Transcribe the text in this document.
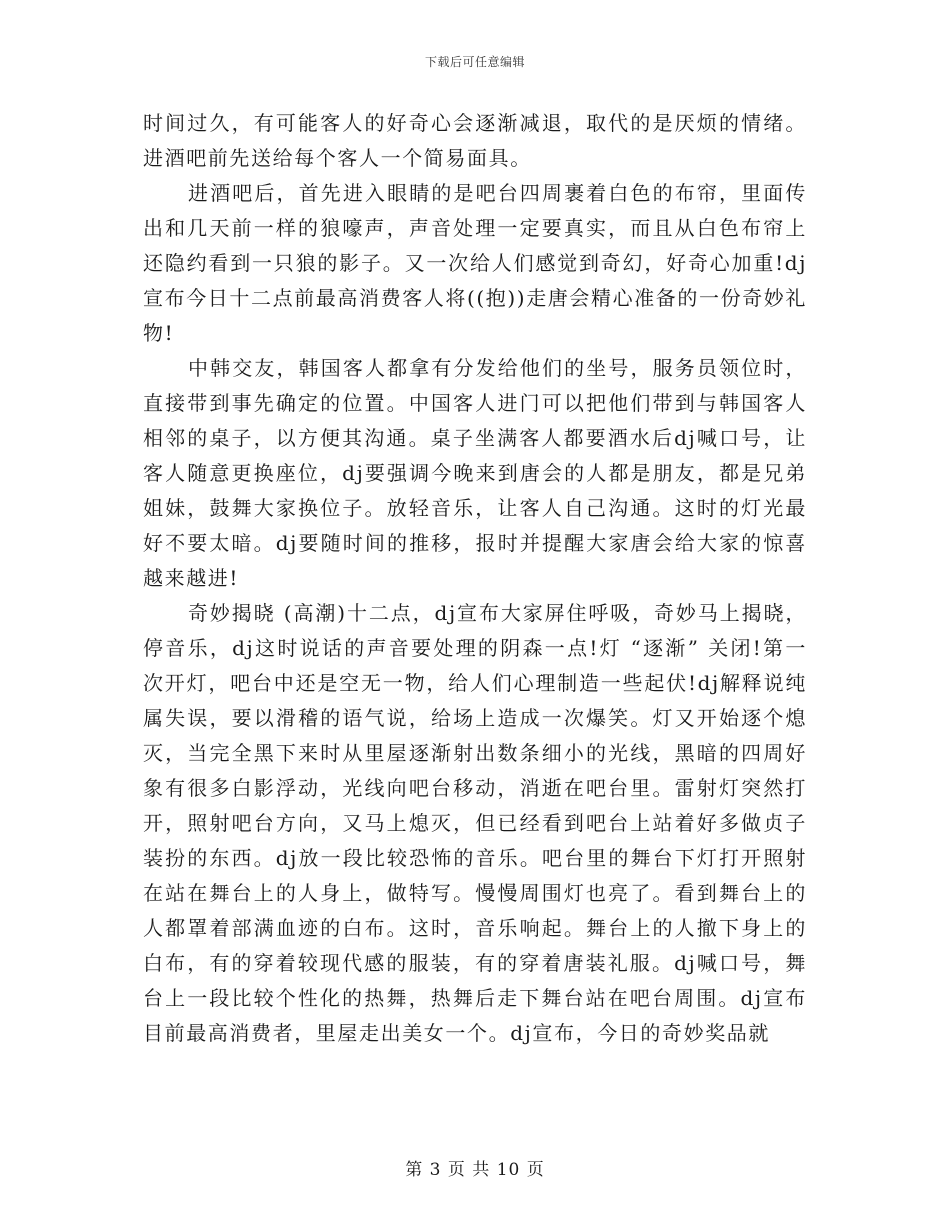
下载后可任意编辑

时间过久，有可能客人的好奇心会逐渐减退，取代的是厌烦的情绪。进酒吧前先送给每个客人一个简易面具。

进酒吧后，首先进入眼睛的是吧台四周裹着白色的布帘，里面传出和几天前一样的狼嚎声，声音处理一定要真实，而且从白色布帘上还隐约看到一只狼的影子。又一次给人们感觉到奇幻，好奇心加重!dj宣布今日十二点前最高消费客人将((抱))走唐会精心准备的一份奇妙礼物!

中韩交友，韩国客人都拿有分发给他们的坐号，服务员领位时，直接带到事先确定的位置。中国客人进门可以把他们带到与韩国客人相邻的桌子，以方便其沟通。桌子坐满客人都要酒水后dj喊口号，让客人随意更换座位，dj要强调今晚来到唐会的人都是朋友，都是兄弟姐妹，鼓舞大家换位子。放轻音乐，让客人自己沟通。这时的灯光最好不要太暗。dj要随时间的推移，报时并提醒大家唐会给大家的惊喜越来越进!

奇妙揭晓 (高潮)十二点，dj宣布大家屏住呼吸，奇妙马上揭晓，停音乐，dj这时说话的声音要处理的阴森一点!灯 “逐渐” 关闭!第一次开灯，吧台中还是空无一物，给人们心理制造一些起伏!dj解释说纯属失误，要以滑稽的语气说，给场上造成一次爆笑。灯又开始逐个熄灭，当完全黑下来时从里屋逐渐射出数条细小的光线，黑暗的四周好象有很多白影浮动，光线向吧台移动，消逝在吧台里。雷射灯突然打开，照射吧台方向，又马上熄灭，但已经看到吧台上站着好多做贞子装扮的东西。dj放一段比较恐怖的音乐。吧台里的舞台下灯打开照射在站在舞台上的人身上，做特写。慢慢周围灯也亮了。看到舞台上的人都罩着部满血迹的白布。这时，音乐响起。舞台上的人撤下身上的白布，有的穿着较现代感的服装，有的穿着唐装礼服。dj喊口号，舞台上一段比较个性化的热舞，热舞后走下舞台站在吧台周围。dj宣布目前最高消费者，里屋走出美女一个。dj宣布，今日的奇妙奖品就

第 3 页 共 10 页
